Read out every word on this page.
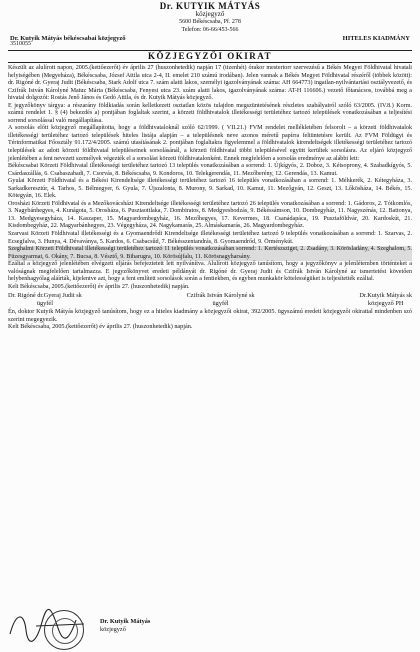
Dr. KUTYIK MÁTYÁS
közjegyző
5600 Békéscsaba, Pf. 278
Telefon: 06-66/453-566
Dr. Kutyik Mátyás békéscsabai közjegyző	HITELES KIADMÁNY
3510055
KÖZJEGYZŐI OKIRAT

Készült az alulírott napon, 2005.(kettőezerőt) év április 27 (huszonhetedik) napján 17 (tizenhét) órakor mestertorr szervezésű a Békés Megyei Földhivatal hivatali helyiségében (Megyeháza), Békéscsaba, József Attila utca 2-4, II. emelet 210 számú irodában). Jelen vannak a Békés Megyei Földhivatal részéről (többek között): dr. Rigóné dr. Gyeraj Judit (Békéscsaba, Stark Adolf utca 7. szám alatti lakos, személyi igazolványának száma: AH 664773) ingatlan-nyilvántartási osztályvezető, és Czifrák István Károlyné Matuz Márta (Békéscsaba, Fenyesi utca 23. szám alatti lakos, igazolványának száma: AT-H 116606.) vezető főtanácsos, továbbá meg a hivatal dolgozói: Rostás Jenő János és Gedó Attila, és dr. Kutyik Mátyás közjegyző.

E jegyzőkönyv tárgya: a részarány földkiadás során kelletkezett osztatlan közös tulajdon megszüntetésének részletes szabályairól szóló 63/2005. (IV.8.) Korm. számú rendelet 1. § (4) bekezdés a) pontjában foglaltak szerint, a körzeti földhivatalok illetékességi területéhez tartozó települések vonatkozásában a teljesítési sorrend sorsolással való megállapítása.

A sorsolás előtt közjegyző megállapította, hogy a földhivataloknál szóló 62/1999. ( VII.21.) FVM rendelet mellékletében felsorolt – a körzeti földhivatalok illetékességi területéhez tartozó települések hiteles listája alapján – a településnek neve azonos méretű papírra feltüntetésre került. Az FVM Földügyi és Térinformatikai Főosztály 91.172/4/2005. számú utasításának 2. pontjában foglaltakra figyelemmel a földhivatalok kirendeltségek illetékességi területéhez tartozó települések az adott körzeti földhivatal településeinek sorsolásánál, a körzeti földhivatal többi településével együtt kerültek sorsolásra. Az eljáró közjegyző jelenlétében a fent nevezett személyek végezték el a sorsolást körzeti földhivatalonként. Ennek megfelelően a sorsolás eredménye az alábbi lett:

Békéscsabai Körzeti Földhivatal illetékességi területéhez tartozó 13 település vonatkozásában a sorrend: 1. Újkígyós, 2. Doboz, 3. Kétsoprony, 4. Szabadkígyós, 5. Csárdaszállás, 6. Csabaszabadi, 7. Csorvás, 8. Békéscsaba, 9. Kondoros, 10. Telekgerendás, 11. Mezőberény, 12. Gerendás, 13. Kamut.

Gyulai Körzeti Földhivatal és a Békési Kirendeltsége illetékességi területéhez tartozó 16 település vonatkozásában a sorrend: 1. Méhkerék, 2. Kétegyháza, 3. Sarkadkeresztúr, 4. Tarhos, 5. Bélmegyer, 6. Gyula, 7. Újszalonta, 8. Murony, 9. Sarkad, 10. Kamut, 11. Mezőgyán, 12. Geszt, 13. Lőkösháza, 14. Békés, 15. Kötegyán, 16. Elek.

Orosházi Körzeti Földhivatal és a Mezőkovácsházi Kirendeltsége illetékességi területéhez tartozó 26 település vonatkozásában a sorrend: 1. Gádoros, 2. Tótkomlós, 3. Nagybánhegyes, 4. Kunágota, 5. Orosháza, 6. Pusztaottlaka, 7. Dombiratos, 8. Medgyesbodzás, 9. Békéssámson, 10. Dombegyház, 11. Nagyszénás, 12. Battonya, 13. Medgyesegyháza, 14. Kaszaper, 15. Magyardombegyház, 16. Mezőhegyes, 17. Kevermes, 18. Csanádapáca, 19. Pusztaföldvár, 20. Kardoskút, 21. Kisdombegyház, 22. Magyarbánhegyes, 23. Végegyháza, 24. Nagykamarás, 25. Almáskamarás, 26. Magyardombegyház.

Szarvasi Körzeti Földhivatal illetékességi és a Gyomaendrődi Kirendeltsége illetékességi területéhez tartozó 9 település vonatkozásában a sorrend: 1. Szarvas, 2. Ecsegfalva, 3. Hunya, 4. Dévaványa, 5. Kardos, 6. Csabacsűd, 7. Békésszentandrás, 8. Gyomaendrőd, 9. Örménykút.

Szeghalmi Körzeti Földhivatal illetékességi területéhez tartozó 11 település vonatkozásában sorrend: 1. Kertészsziget, 2. Zsadány, 3. Körösladány, 4. Szeghalom, 5. Füzesgyarmat, 6. Okány, 7. Bucsa, 8. Vésztő, 9. Biharugra, 10. Körösújfalu, 11. Körösnagyharsány.

Ezáltal a közjegyző jelenlétében elvégzett eljárás befejeztetett lett nyilvánítva. Alulírott közjegyző tanúsítom, hogy a jegyzőkönyv a jelenlétemben történteket a valóságnak megfelelően tartalmazza. E jegyzőkönyvet eredeti példányát dr. Rigóné dr. Gyeraj Judit és Czifrák István Károlyné az ismertetést követően helybenhagyólag aláírták, kijelentve azt, hogy a fent említett sorsolások során a fentiekben, és egyben munkakör kötelességüket is teljesítették ezáltal.

Kelt Békéscsaba, 2005.(kettőezerőt) év április 27. (huszonhetedik) napján.

Dr. Rigóné dr.Gyeraj Judit sk
ügyfél
Czifrák István Károlyné sk
ügyfél
Dr.Kutyik Mátyás sk
közjegyző PH

Én, doktor Kutyik Mátyás közjegyző tanúsítom, hogy ez a hiteles kiadmány a közjegyzői okirat, 392/2005. ügyszámú eredeti közjegyzői okirattal mindenben szó szerint megegyezik.

Kelt Békéscsaba, 2005.(kettőezerőt) év április 27. (huszonhetedik) napján.

Dr. Kutyik Mátyás
közjegyző
